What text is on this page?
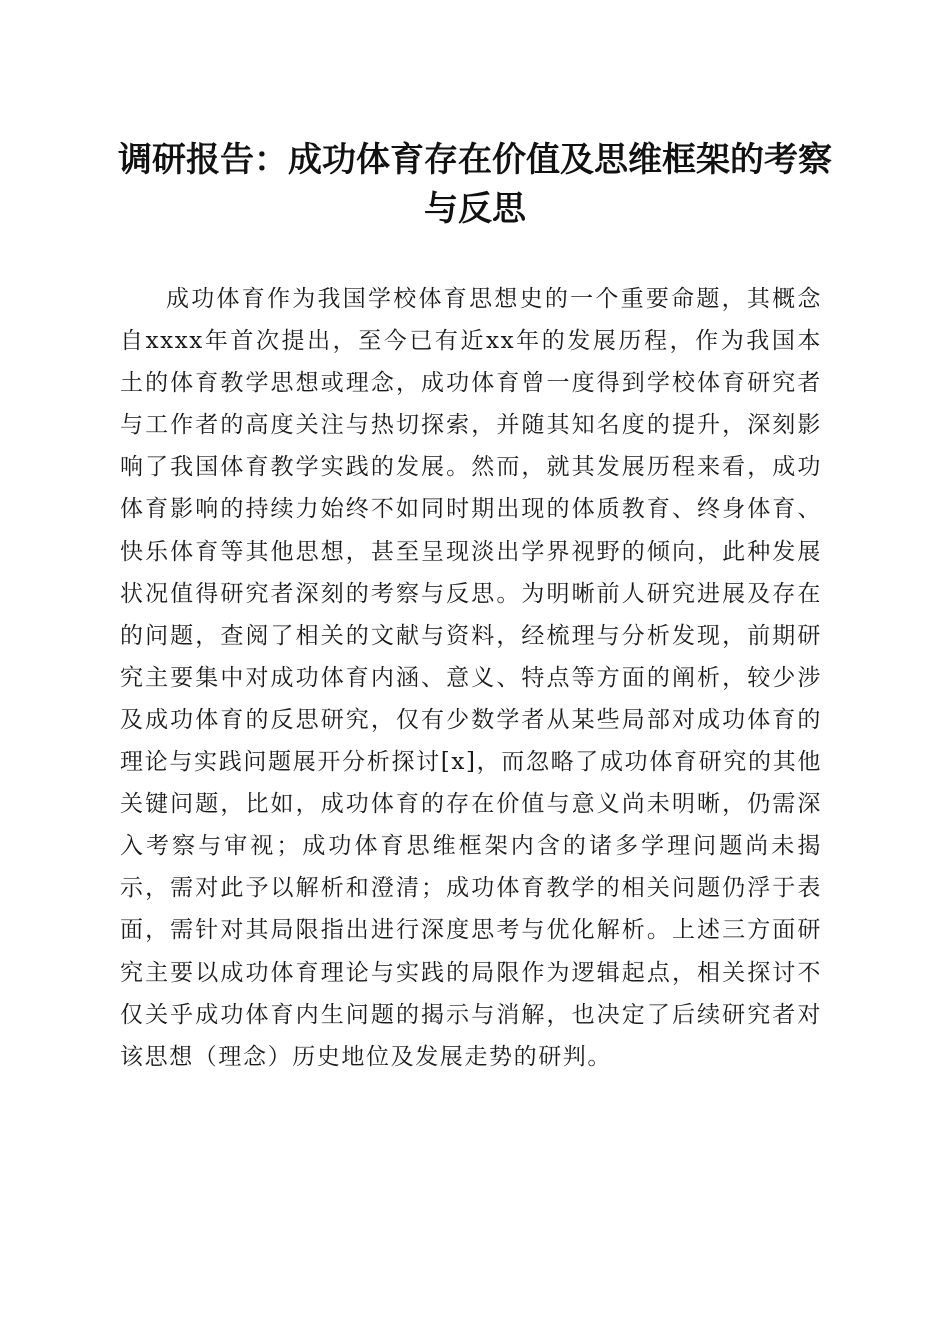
调研报告：成功体育存在价值及思维框架的考察与反思

成功体育作为我国学校体育思想史的一个重要命题，其概念自xxxx年首次提出，至今已有近xx年的发展历程，作为我国本土的体育教学思想或理念，成功体育曾一度得到学校体育研究者与工作者的高度关注与热切探索，并随其知名度的提升，深刻影响了我国体育教学实践的发展。然而，就其发展历程来看，成功体育影响的持续力始终不如同时期出现的体质教育、终身体育、快乐体育等其他思想，甚至呈现淡出学界视野的倾向，此种发展状况值得研究者深刻的考察与反思。为明晰前人研究进展及存在的问题，查阅了相关的文献与资料，经梳理与分析发现，前期研究主要集中对成功体育内涵、意义、特点等方面的阐析，较少涉及成功体育的反思研究，仅有少数学者从某些局部对成功体育的理论与实践问题展开分析探讨[x]，而忽略了成功体育研究的其他关键问题，比如，成功体育的存在价值与意义尚未明晰，仍需深入考察与审视；成功体育思维框架内含的诸多学理问题尚未揭示，需对此予以解析和澄清；成功体育教学的相关问题仍浮于表面，需针对其局限指出进行深度思考与优化解析。上述三方面研究主要以成功体育理论与实践的局限作为逻辑起点，相关探讨不仅关乎成功体育内生问题的揭示与消解，也决定了后续研究者对该思想（理念）历史地位及发展走势的研判。
